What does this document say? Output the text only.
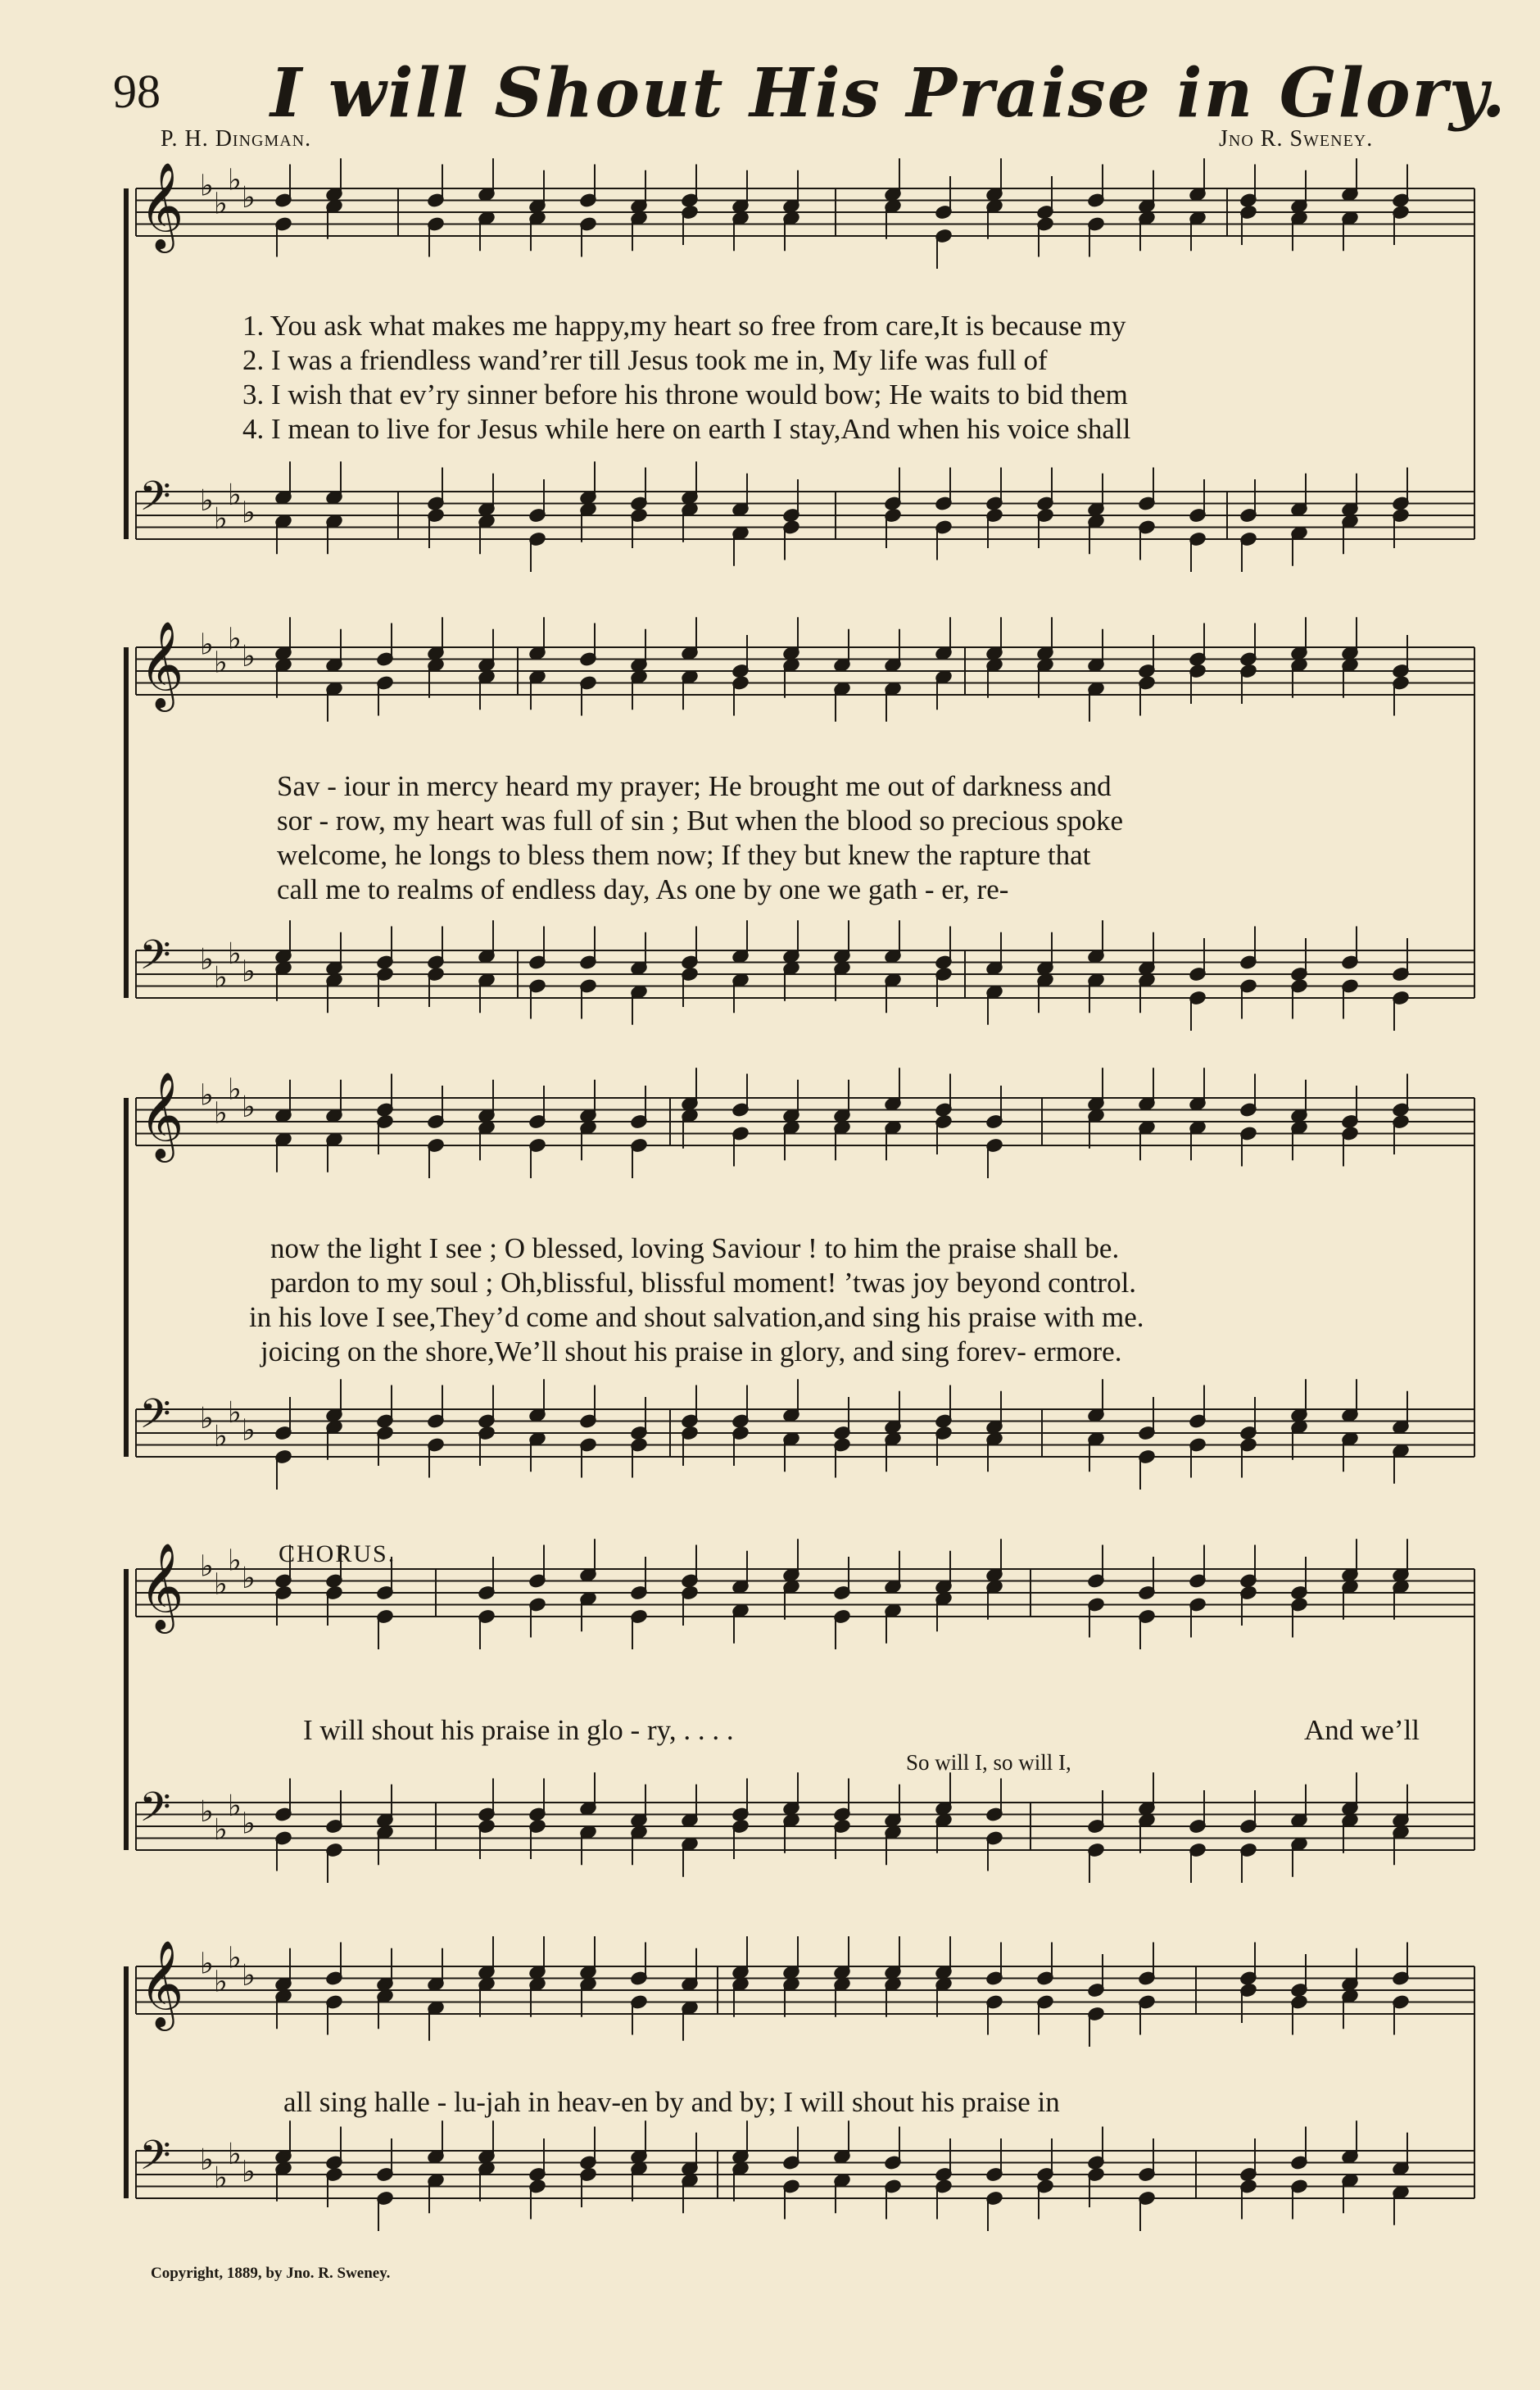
98 I will Shout His Praise in Glory.
P. H. Dingman.	Jno R. Sweney.
𝄞 ♭
♭
♭
♭
𝄢 ♭
♭
♭
♭
𝄞 ♭
♭
♭
♭
𝄢 ♭
♭
♭
♭
𝄞 ♭
♭
♭
♭
𝄢 ♭
♭
♭
♭
𝄞 ♭
♭
♭
♭
𝄢 ♭
♭
♭
♭
𝄞 ♭
♭
♭
♭
𝄢 ♭
♭
♭
♭
1. You ask what makes me happy,my heart so free from care,It is because my
2. I was a friendless wand’rer till Jesus took me in, My life was full of
3. I wish that ev’ry sinner before his throne would bow; He waits to bid them
4. I mean to live for Jesus while here on earth I stay,And when his voice shall
Sav - iour in mercy heard my prayer; He brought me out of darkness and
sor - row, my heart was full of sin ; But when the blood so precious spoke
welcome, he longs to bless them now; If they but knew the rapture that
call me to realms of endless day, As one by one we gath - er, re-
now the light I see ; O blessed, loving Saviour ! to him the praise shall be.
pardon to my soul ; Oh,blissful, blissful moment! ’twas joy beyond control.
in his love I see,They’d come and shout salvation,and sing his praise with me.
joicing on the shore,We’ll shout his praise in glory, and sing forev- ermore.
CHORUS.
I will shout his praise in glo - ry, . . . .	And we’ll
So will I, so will I,
all sing halle - lu-jah in heav-en by and by; I will shout his praise in
Copyright, 1889, by Jno. R. Sweney.
